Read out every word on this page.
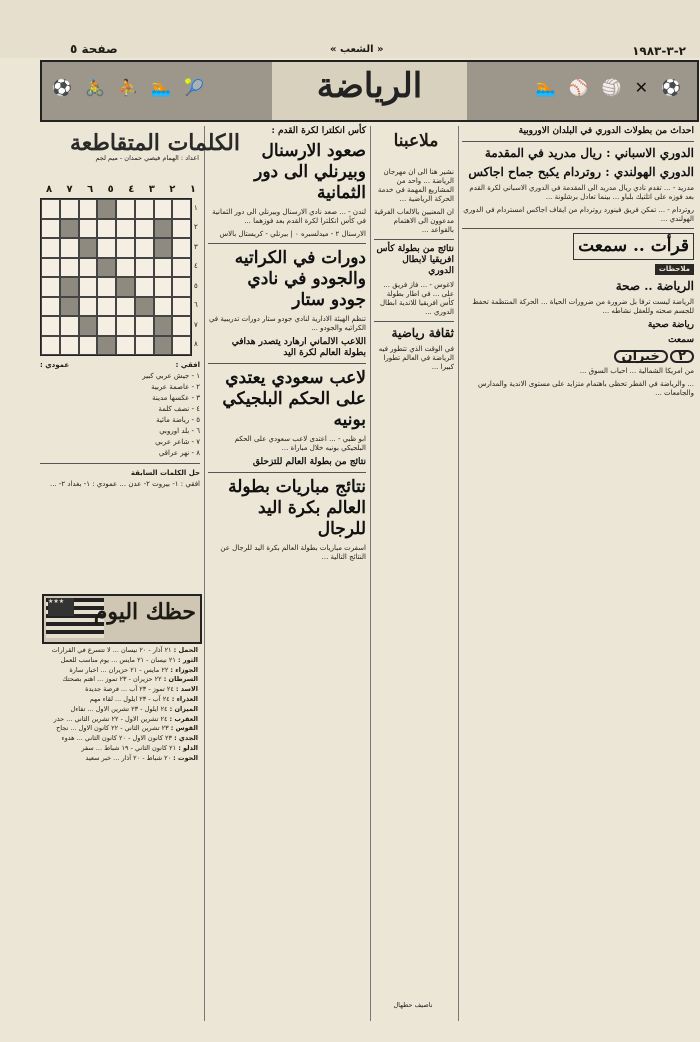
٢-٣-١٩٨٣
« الشعب »
صفحة ٥
⚽ 🚴 ⛹ 🏊 🎾	🏊 ⚾ 🏐 ✕ ⚽
الرياضة

احداث من بطولات الدوري في البلدان الاوروبية

الدوري الاسباني : ريال مدريد في المقدمة

الدوري الهولندي : روتردام يكبح جماح اجاكس

مدريد - ... تقدم نادي ريال مدريد الى المقدمة في الدوري الاسباني لكرة القدم بعد فوزه على اتلتيك بلباو ... بينما تعادل برشلونة ...

روتردام - ... تمكن فريق فينورد روتردام من ايقاف اجاكس امستردام في الدوري الهولندي ...

قرأت .. سمعت

ملاحظات

الرياضة .. صحة

الرياضة ليست ترفا بل ضرورة من ضرورات الحياة ... الحركة المنتظمة تحفظ للجسم صحته وللعقل نشاطه ...

رياضة صحية

سمعت

٢ خيران

من امريكا الشمالية ... احباب السوق ...

... والرياضة في القطر تحظى باهتمام متزايد على مستوى الاندية والمدارس والجامعات ...

ملاعبنا

نشير هنا الى ان مهرجان الرياضة ... واحد من المشاريع المهمة في خدمة الحركة الرياضية ...

ان المعنيين بالالعاب الفرقية مدعوون الى الاهتمام بالقواعد ...

نتائج من بطولة كأس افريقيا لابطال الدوري

لاغوس - ... فاز فريق ... على ... في اطار بطولة كأس افريقيا للاندية ابطال الدوري ...

ثقافة رياضية

في الوقت الذي تتطور فيه الرياضة في العالم تطورا كبيرا ...

ناصيف حطهال

كأس انكلترا لكرة القدم :

صعود الارسنال وبيرنلي الى دور الثمانية

لندن - ... صعد نادي الارسنال وبيرنلي الى دور الثمانية في كأس انكلترا لكرة القدم بعد فوزهما ...

الارسنال ٢ - ميدلسبره ٠ | بيرنلي - كريستال بالاس

دورات في الكراتيه والجودو في نادي جودو ستار

تنظم الهيئة الادارية لنادي جودو ستار دورات تدريبية في الكراتيه والجودو ...

اللاعب الالماني ارهارد يتصدر هدافي بطولة العالم لكرة اليد

لاعب سعودي يعتدي على الحكم البلجيكي بونيه

ابو ظبي - ... اعتدى لاعب سعودي على الحكم البلجيكي بونيه خلال مباراة ...

نتائج من بطولة العالم للتزحلق

نتائج مباريات بطولة العالم بكرة اليد للرجال

اسفرت مباريات بطولة العالم بكرة اليد للرجال عن النتائج التالية ...

الكلمات المتقاطعة
اعداد : الهمام فيصي حمدان - ميم لجم
٨ ٧ ٦ ٥ ٤ ٣ ٢ ١
١
٢
٣
٤
٥
٦
٧
٨
افقي :
عمودي :
١ - جيش عربي كبير
٢ - عاصمة عربية
٣ - عكسها مدينة
٤ - نصف كلمة
٥ - رياضة مائية
٦ - بلد اوروبي
٧ - شاعر عربي
٨ - نهر عراقي
حل الكلمات السابقة
افقي : ١- بيروت ٢- عدن ... عمودي : ١- بغداد ٢- ...
★★★
حظك اليوم
الحمل : ٢١ آذار - ٢٠ نيسان ... لا تتسرع في القرارات
الثور : ٢١ نيسان - ٢١ مايس ... يوم مناسب للعمل
الجوزاء : ٢٢ مايس - ٢١ حزيران ... اخبار سارة
السرطان : ٢٢ حزيران - ٢٣ تموز ... اهتم بصحتك
الاسد : ٢٤ تموز - ٢٣ آب ... فرصة جديدة
العذراء : ٢٤ آب - ٢٣ ايلول ... لقاء مهم
الميزان : ٢٤ ايلول - ٢٣ تشرين الاول ... تفاءل
العقرب : ٢٤ تشرين الاول - ٢٢ تشرين الثاني ... حذر
القوس : ٢٣ تشرين الثاني - ٢٢ كانون الاول ... نجاح
الجدي : ٢٣ كانون الاول - ٢٠ كانون الثاني ... هدوء
الدلو : ٢١ كانون الثاني - ١٩ شباط ... سفر
الحوت : ٢٠ شباط - ٢٠ آذار ... خبر سعيد
